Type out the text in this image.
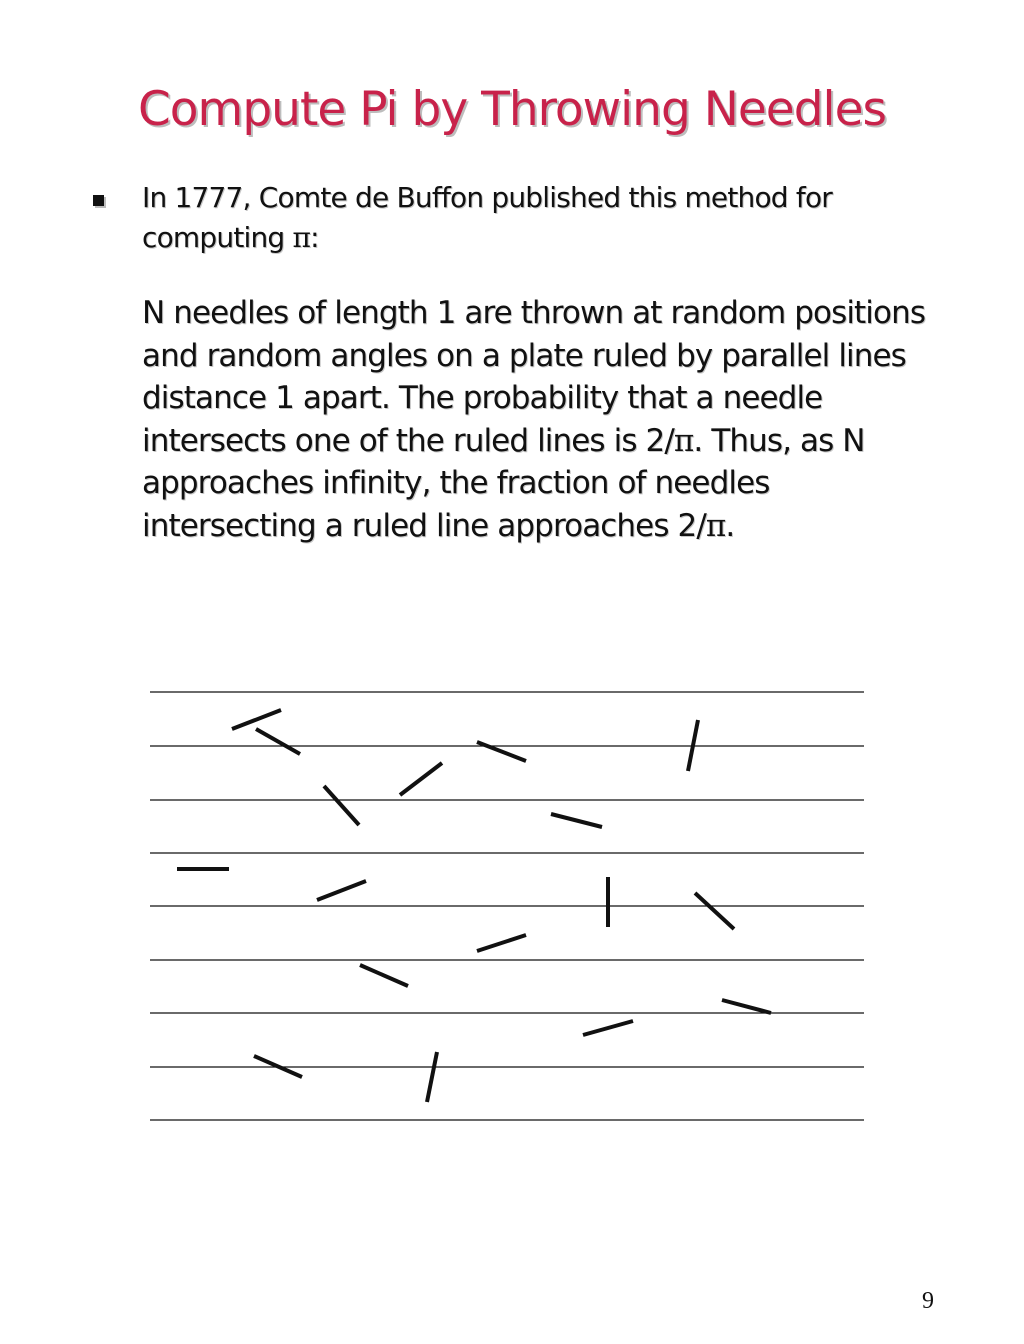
Compute Pi by Throwing Needles

In 1777, Comte de Buffon published this method for computing π:

N needles of length 1 are thrown at random positions and random angles on a plate ruled by parallel lines distance 1 apart. The probability that a needle intersects one of the ruled lines is 2/π. Thus, as N approaches infinity, the fraction of needles intersecting a ruled line approaches 2/π.

9
